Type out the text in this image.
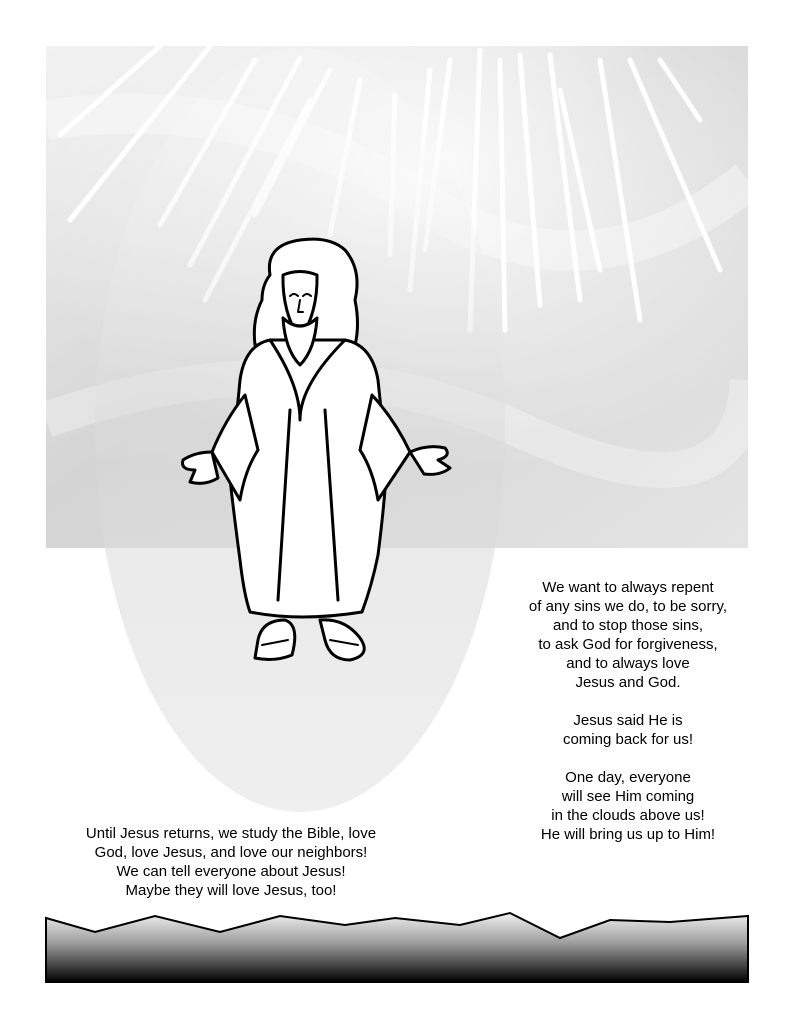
We want to always repent
of any sins we do, to be sorry,
and to stop those sins,
to ask God for forgiveness,
and to always love
Jesus and God.
Jesus said He is
coming back for us!
One day, everyone
will see Him coming
in the clouds above us!
He will bring us up to Him!
Until Jesus returns, we study the Bible, love
God, love Jesus, and love our neighbors!
We can tell everyone about Jesus!
Maybe they will love Jesus, too!
